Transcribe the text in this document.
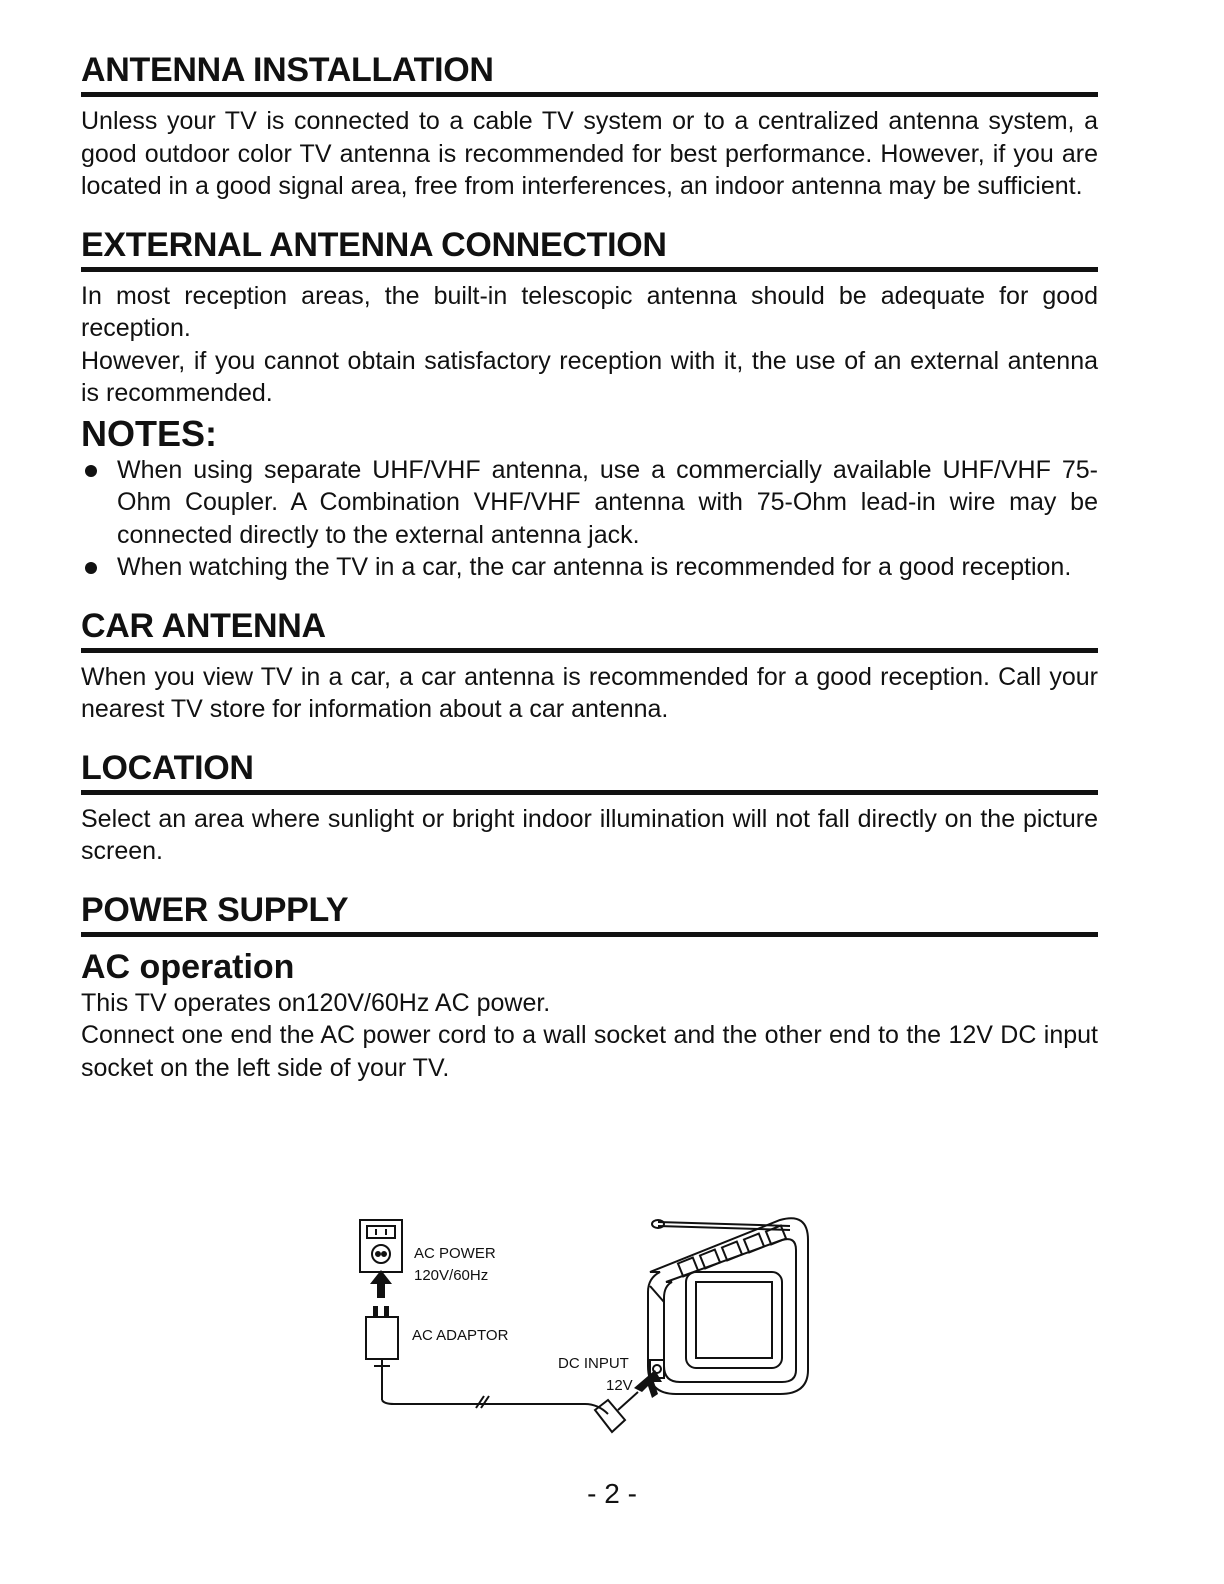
ANTENNA INSTALLATION

Unless your TV is connected to a cable TV system or to a centralized antenna system, a good outdoor color TV antenna is recommended for best performance. However, if you are located in a good signal area, free from interferences, an indoor antenna may be sufficient.

EXTERNAL ANTENNA CONNECTION

In most reception areas, the built-in telescopic antenna should be adequate for good reception.

However, if you cannot obtain satisfactory reception with it, the use of an external antenna is recommended.

NOTES:
When using separate UHF/VHF antenna, use a commercially available UHF/VHF 75-Ohm Coupler. A Combination VHF/VHF antenna with 75-Ohm lead-in wire may be connected directly to the external antenna jack.
When watching the TV in a car, the car antenna is recommended for a good reception.
CAR ANTENNA

When you view TV in a car, a car antenna is recommended for a good reception. Call your nearest TV store for information about a car antenna.

LOCATION

Select an area where sunlight or bright indoor illumination will not fall directly on the picture screen.

POWER SUPPLY
AC operation

This TV operates on120V/60Hz AC power.

Connect one end the AC power cord to a wall socket and the other end to the 12V DC input socket on the left side of your TV.

AC POWER
120V/60Hz
AC ADAPTOR
DC INPUT
12V
- 2 -
